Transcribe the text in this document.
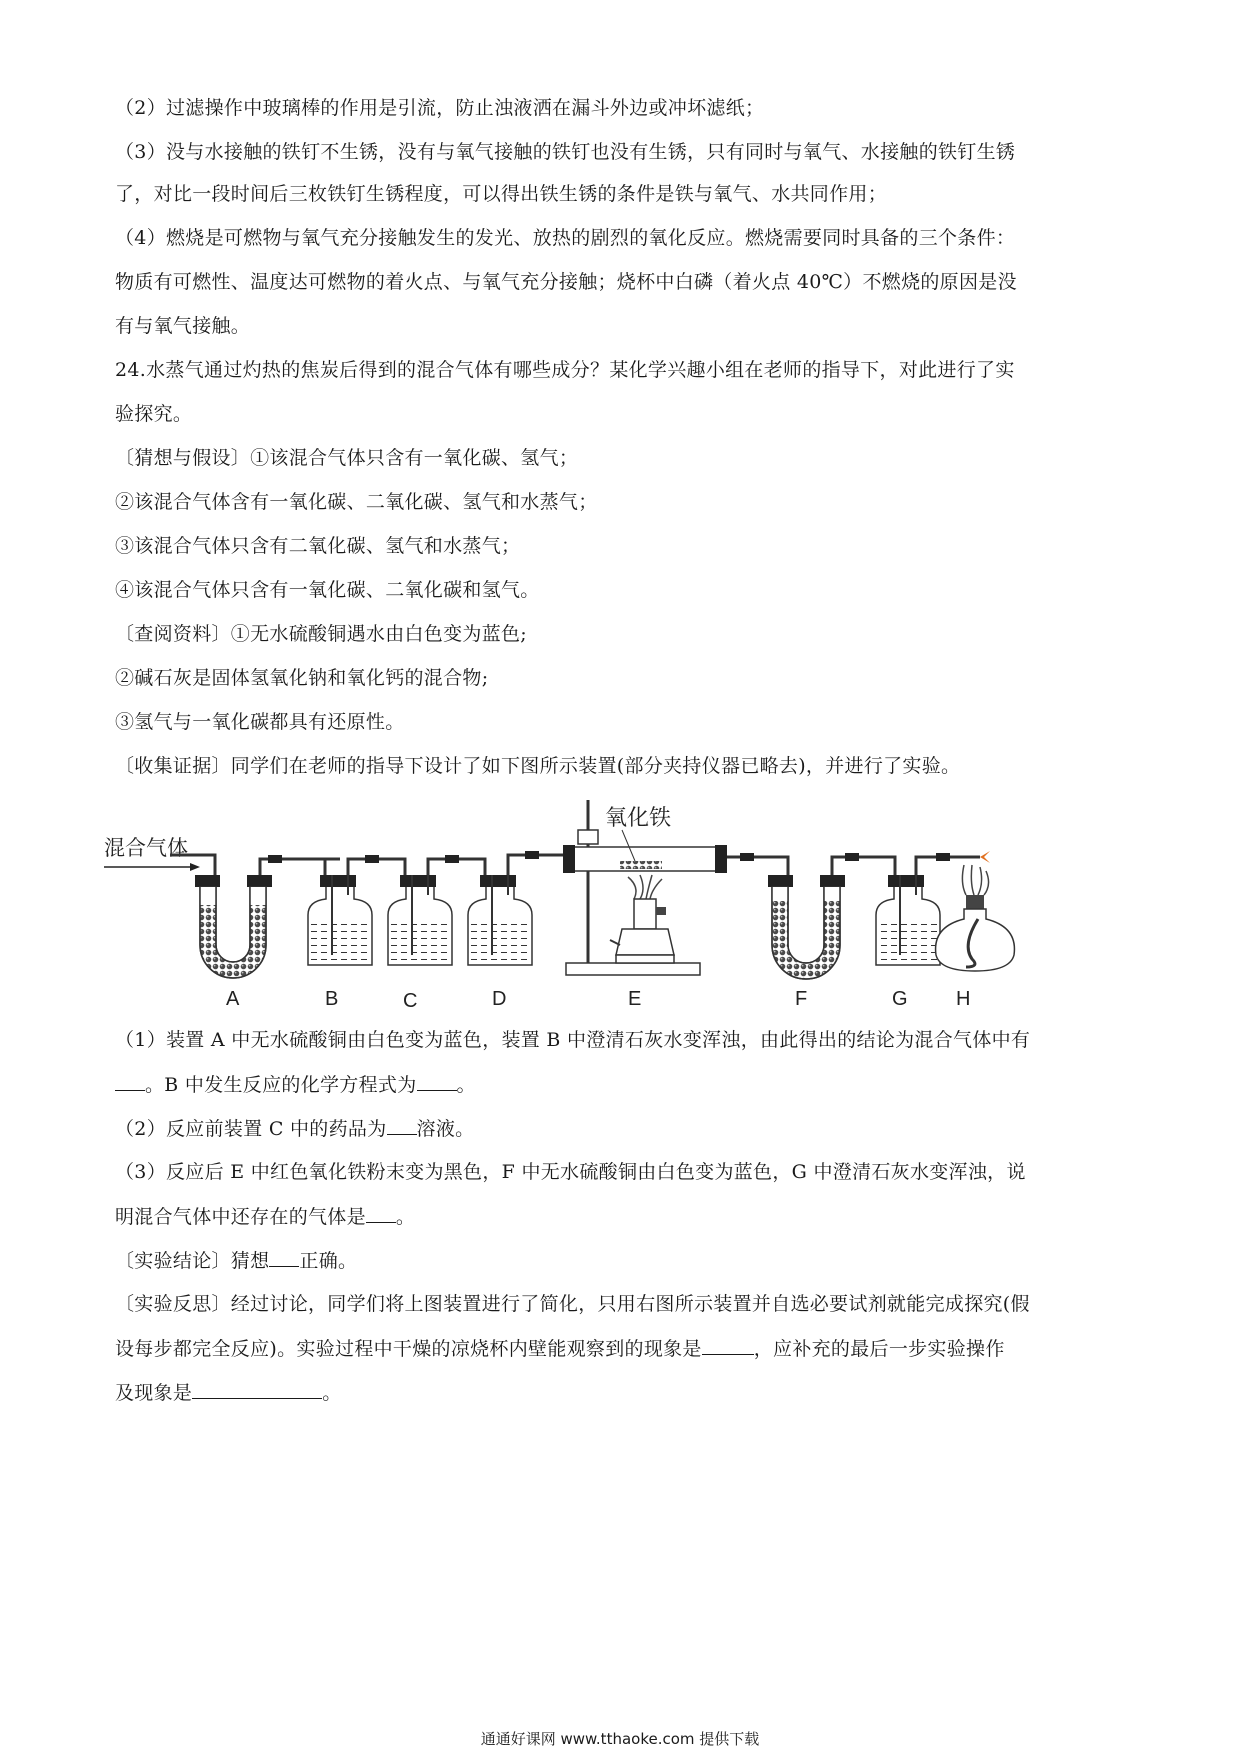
（2）过滤操作中玻璃棒的作用是引流，防止浊液洒在漏斗外边或冲坏滤纸；
（3）没与水接触的铁钉不生锈，没有与氧气接触的铁钉也没有生锈，只有同时与氧气、水接触的铁钉生锈
了，对比一段时间后三枚铁钉生锈程度，可以得出铁生锈的条件是铁与氧气、水共同作用；
（4）燃烧是可燃物与氧气充分接触发生的发光、放热的剧烈的氧化反应。燃烧需要同时具备的三个条件：
物质有可燃性、温度达可燃物的着火点、与氧气充分接触；烧杯中白磷（着火点 40℃）不燃烧的原因是没
有与氧气接触。
24.水蒸气通过灼热的焦炭后得到的混合气体有哪些成分？某化学兴趣小组在老师的指导下，对此进行了实
验探究。
〔猜想与假设〕①该混合气体只含有一氧化碳、氢气；
②该混合气体含有一氧化碳、二氧化碳、氢气和水蒸气；
③该混合气体只含有二氧化碳、氢气和水蒸气；
④该混合气体只含有一氧化碳、二氧化碳和氢气。
〔查阅资料〕①无水硫酸铜遇水由白色变为蓝色;
②碱石灰是固体氢氧化钠和氧化钙的混合物;
③氢气与一氧化碳都具有还原性。
〔收集证据〕同学们在老师的指导下设计了如下图所示装置(部分夹持仪器已略去)，并进行了实验。
混合气体
氧化铁
A	B	C	D	E	F	G H
（1）装置 A 中无水硫酸铜由白色变为蓝色，装置 B 中澄清石灰水变浑浊，由此得出的结论为混合气体中有
。B 中发生反应的化学方程式为 。
（2）反应前装置 C 中的药品为 溶液。
（3）反应后 E 中红色氧化铁粉末变为黑色，F 中无水硫酸铜由白色变为蓝色，G 中澄清石灰水变浑浊，说
明混合气体中还存在的气体是 。
〔实验结论〕猜想 正确。
〔实验反思〕经过讨论，同学们将上图装置进行了简化，只用右图所示装置并自选必要试剂就能完成探究(假
设每步都完全反应)。实验过程中干燥的凉烧杯内壁能观察到的现象是	，应补充的最后一步实验操作
及现象是	。
通通好课网 www.tthaoke.com 提供下载
